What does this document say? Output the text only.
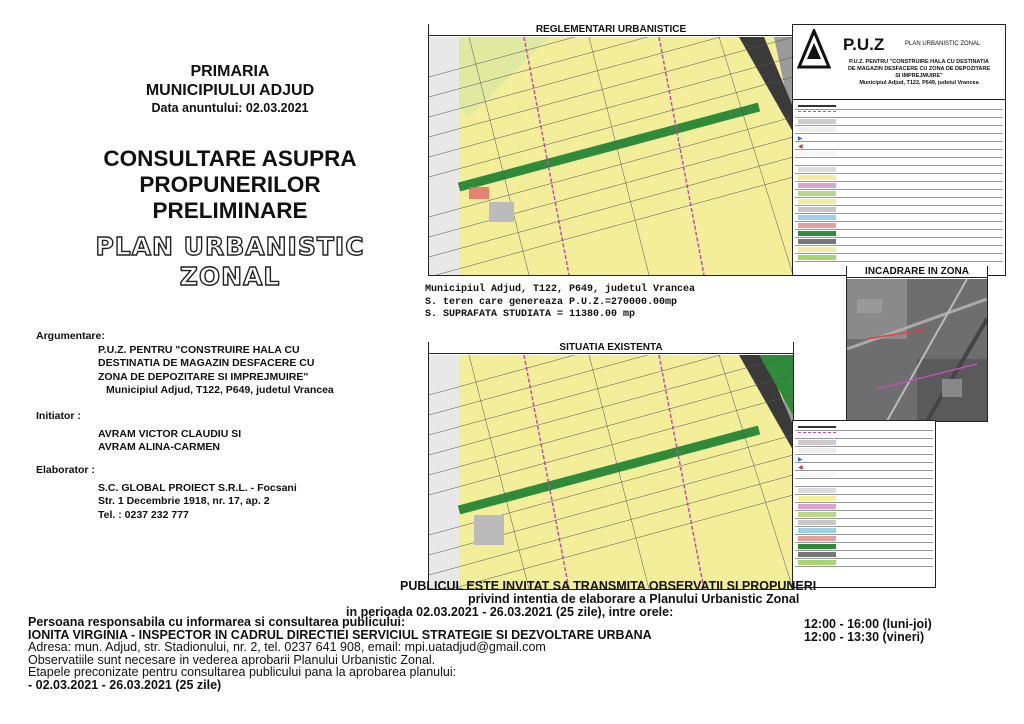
PRIMARIA
MUNICIPIULUI ADJUD
Data anuntului: 02.03.2021
CONSULTARE ASUPRA
PROPUNERILOR
PRELIMINARE
PLAN URBANISTIC
ZONAL
Argumentare:
P.U.Z. PENTRU "CONSTRUIRE HALA CU
DESTINATIA DE MAGAZIN DESFACERE CU
ZONA DE DEPOZITARE SI IMPREJMUIRE"
Municipiul Adjud, T122, P649, judetul Vrancea
Initiator :
AVRAM VICTOR CLAUDIU SI
AVRAM ALINA-CARMEN
Elaborator :
S.C. GLOBAL PROIECT S.R.L. - Focsani
Str. 1 Decembrie 1918, nr. 17, ap. 2
Tel. : 0237 232 777
REGLEMENTARI URBANISTICE
P.U.Z	PLAN URBANISTIC ZONAL
P.U.Z. PENTRU "CONSTRUIRE HALA CU DESTINATIA
DE MAGAZIN DESFACERE CU ZONA DE DEPOZITARE
SI IMPREJMUIRE"
Municipiul Adjud, T122, P649, judetul Vrancea
▶
◀
Municipiul Adjud, T122, P649, judetul Vrancea
S. teren care genereaza P.U.Z.=270000.00mp
S. SUPRAFATA STUDIATA = 11380.00 mp
INCADRARE IN ZONA
SITUATIA EXISTENTA
▶
◀
PUBLICUL ESTE INVITAT SA TRANSMITA OBSERVATII SI PROPUNERI
privind intentia de elaborare a Planului Urbanistic Zonal
in perioada 02.03.2021 - 26.03.2021 (25 zile), intre orele:
12:00 - 16:00 (luni-joi)
12:00 - 13:30 (vineri)
Persoana responsabila cu informarea si consultarea publicului:
IONITA VIRGINIA - INSPECTOR IN CADRUL DIRECTIEI SERVICIUL STRATEGIE SI DEZVOLTARE URBANA
Adresa: mun. Adjud, str. Stadionului, nr. 2, tel. 0237 641 908, email: mpi.uatadjud@gmail.com
Observatiile sunt necesare in vederea aprobarii Planului Urbanistic Zonal.
Etapele preconizate pentru consultarea publicului pana la aprobarea planului:
- 02.03.2021 - 26.03.2021 (25 zile)
